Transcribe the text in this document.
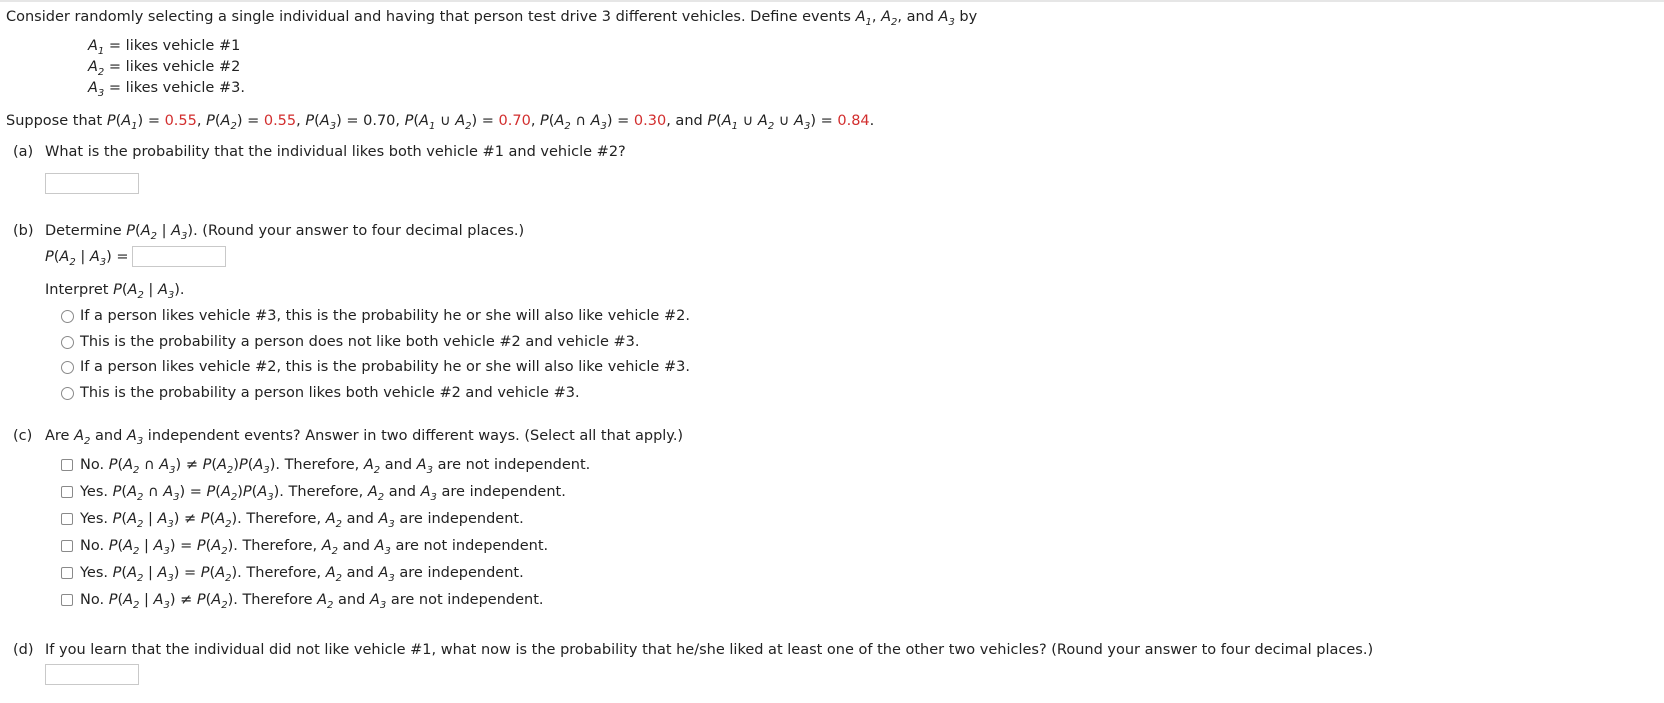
Consider randomly selecting a single individual and having that person test drive 3 different vehicles. Define events $A_1$, $A_2$, and $A_3$ by
$A_1$ = likes vehicle #1
$A_2$ = likes vehicle #2
$A_3$ = likes vehicle #3.
Suppose that $P(A_1) = 0.55$, $P(A_2) = 0.55$, $P(A_3) = 0.70$, $P(A_1$ ∪ $A_2) = 0.70$, $P(A_2$ ∩ $A_3) = 0.30$, and $P(A_1$ ∪ $A_2$ ∪ $A_3) = 0.84$.
(a) What is the probability that the individual likes both vehicle #1 and vehicle #2?
(b) Determine $P(A_2$ | $A_3$). (Round your answer to four decimal places.)
$P(A_2$ | $A_3$) =
Interpret $P(A_2$ | $A_3$).
If a person likes vehicle #3, this is the probability he or she will also like vehicle #2.
This is the probability a person does not like both vehicle #2 and vehicle #3.
If a person likes vehicle #2, this is the probability he or she will also like vehicle #3.
This is the probability a person likes both vehicle #2 and vehicle #3.
(c) Are $A_2$ and $A_3$ independent events? Answer in two different ways. (Select all that apply.)
No. $P(A_2$ ∩ $A_3) \ne P(A_2)P(A_3)$. Therefore, $A_2$ and $A_3$ are not independent.
Yes. $P(A_2$ ∩ $A_3) = P(A_2)P(A_3)$. Therefore, $A_2$ and $A_3$ are independent.
Yes. $P(A_2$ | $A_3) \ne P(A_2)$. Therefore, $A_2$ and $A_3$ are independent.
No. $P(A_2$ | $A_3) = P(A_2)$. Therefore, $A_2$ and $A_3$ are not independent.
Yes. $P(A_2$ | $A_3) = P(A_2)$. Therefore, $A_2$ and $A_3$ are independent.
No. $P(A_2$ | $A_3) \ne P(A_2)$. Therefore $A_2$ and $A_3$ are not independent.
(d) If you learn that the individual did not like vehicle #1, what now is the probability that he/she liked at least one of the other two vehicles? (Round your answer to four decimal places.)
